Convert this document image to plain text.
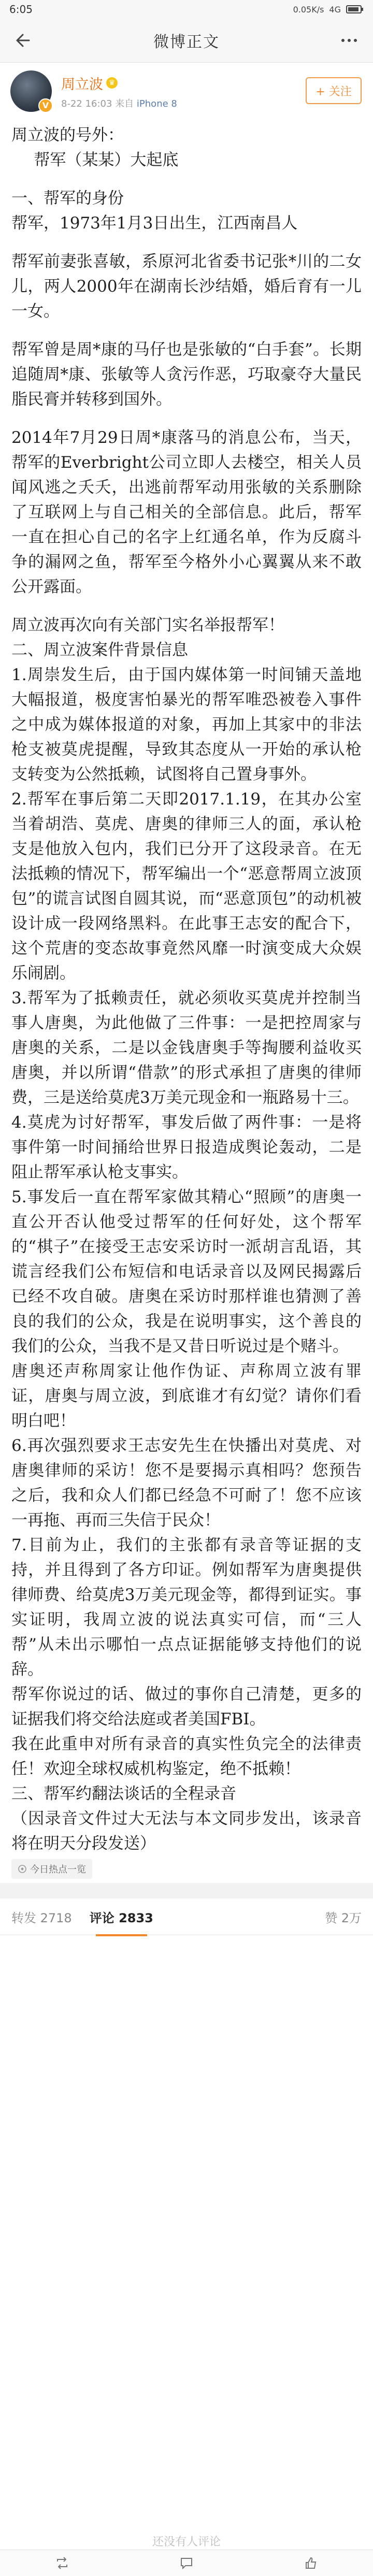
6:05	0.05K/s 4G
微博正文
V
周立波 ♛
8-22 16:03 来自 iPhone 8
+ 关注

周立波的号外：

帮军（某某）大起底

一、帮军的身份

帮军，1973年1月3日出生，江西南昌人

帮军前妻张喜敏，系原河北省委书记张*川的二女儿，两人2000年在湖南长沙结婚，婚后育有一儿一女。

帮军曾是周*康的马仔也是张敏的“白手套”。长期追随周*康、张敏等人贪污作恶，巧取豪夺大量民脂民膏并转移到国外。

2014年7月29日周*康落马的消息公布，当天，帮军的Everbright公司立即人去楼空，相关人员闻风逃之夭夭，出逃前帮军动用张敏的关系删除了互联网上与自己相关的全部信息。此后，帮军一直在担心自己的名字上红通名单，作为反腐斗争的漏网之鱼，帮军至今格外小心翼翼从来不敢公开露面。

周立波再次向有关部门实名举报帮军！

二、周立波案件背景信息

1.周崇发生后，由于国内媒体第一时间铺天盖地大幅报道，极度害怕暴光的帮军唯恐被卷入事件之中成为媒体报道的对象，再加上其家中的非法枪支被莫虎提醒，导致其态度从一开始的承认枪支转变为公然抵赖，试图将自己置身事外。

2.帮军在事后第二天即2017.1.19，在其办公室当着胡浩、莫虎、唐奥的律师三人的面，承认枪支是他放入包内，我们已分开了这段录音。在无法抵赖的情况下，帮军编出一个“恶意帮周立波顶包”的谎言试图自圆其说，而“恶意顶包”的动机被设计成一段网络黑料。在此事王志安的配合下，这个荒唐的变态故事竟然风靡一时演变成大众娱乐闹剧。

3.帮军为了抵赖责任，就必须收买莫虎并控制当事人唐奥，为此他做了三件事：一是把控周家与唐奥的关系，二是以金钱唐奥手等掏腰利益收买唐奥，并以所谓“借款”的形式承担了唐奥的律师费，三是送给莫虎3万美元现金和一瓶路易十三。

4.莫虎为讨好帮军，事发后做了两件事：一是将事件第一时间捅给世界日报造成舆论轰动，二是阻止帮军承认枪支事实。

5.事发后一直在帮军家做其精心“照顾”的唐奥一直公开否认他受过帮军的任何好处，这个帮军的“棋子”在接受王志安采访时一派胡言乱语，其谎言经我们公布短信和电话录音以及网民揭露后已经不攻自破。唐奥在采访时那样谁也猜测了善良的我们的公众，我是在说明事实，这个善良的我们的公众，当我不是又昔日听说过是个赌斗。

唐奥还声称周家让他作伪证、声称周立波有罪证，唐奥与周立波，到底谁才有幻觉？请你们看明白吧！

6.再次强烈要求王志安先生在快播出对莫虎、对唐奥律师的采访！您不是要揭示真相吗？您预告之后，我和众人们都已经急不可耐了！您不应该一再拖、再而三失信于民众！

7.目前为止，我们的主张都有录音等证据的支持，并且得到了各方印证。例如帮军为唐奥提供律师费、给莫虎3万美元现金等，都得到证实。事实证明，我周立波的说法真实可信，而“三人帮”从未出示哪怕一点点证据能够支持他们的说辞。

帮军你说过的话、做过的事你自己清楚，更多的证据我们将交给法庭或者美国FBI。

我在此重申对所有录音的真实性负完全的法律责任！欢迎全球权威机构鉴定，绝不抵赖！

三、帮军约翻法谈话的全程录音

（因录音文件过大无法与本文同步发出，该录音将在明天分段发送）

今日热点一览
转发 2718 评论 2833	赞 2万
还没有人评论
